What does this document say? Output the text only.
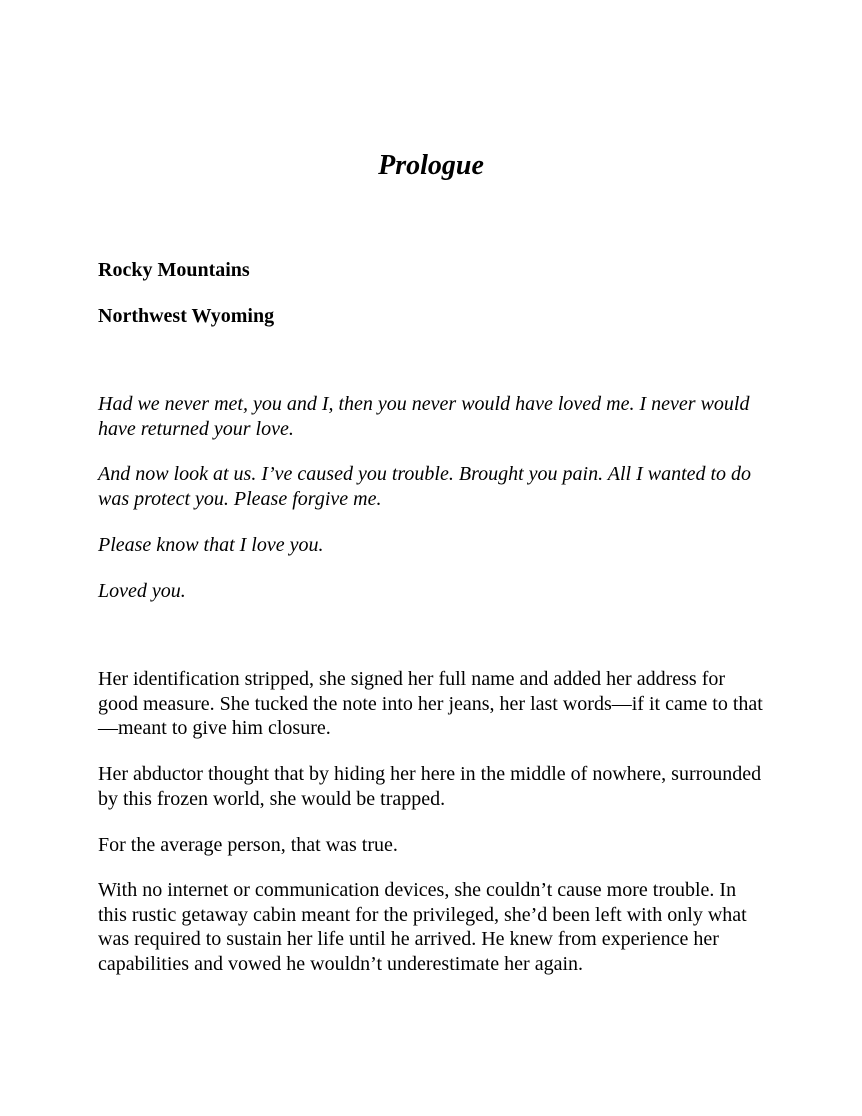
Prologue

Rocky Mountains

Northwest Wyoming

Had we never met, you and I, then you never would have loved me. I never would have returned your love.

And now look at us. I’ve caused you trouble. Brought you pain. All I wanted to do was protect you. Please forgive me.

Please know that I love you.

Loved you.

Her identification stripped, she signed her full name and added her address for good measure. She tucked the note into her jeans, her last words—if it came to that—meant to give him closure.

Her abductor thought that by hiding her here in the middle of nowhere, surrounded by this frozen world, she would be trapped.

For the average person, that was true.

With no internet or communication devices, she couldn’t cause more trouble. In this rustic getaway cabin meant for the privileged, she’d been left with only what was required to sustain her life until he arrived. He knew from experience her capabilities and vowed he wouldn’t underestimate her again.
